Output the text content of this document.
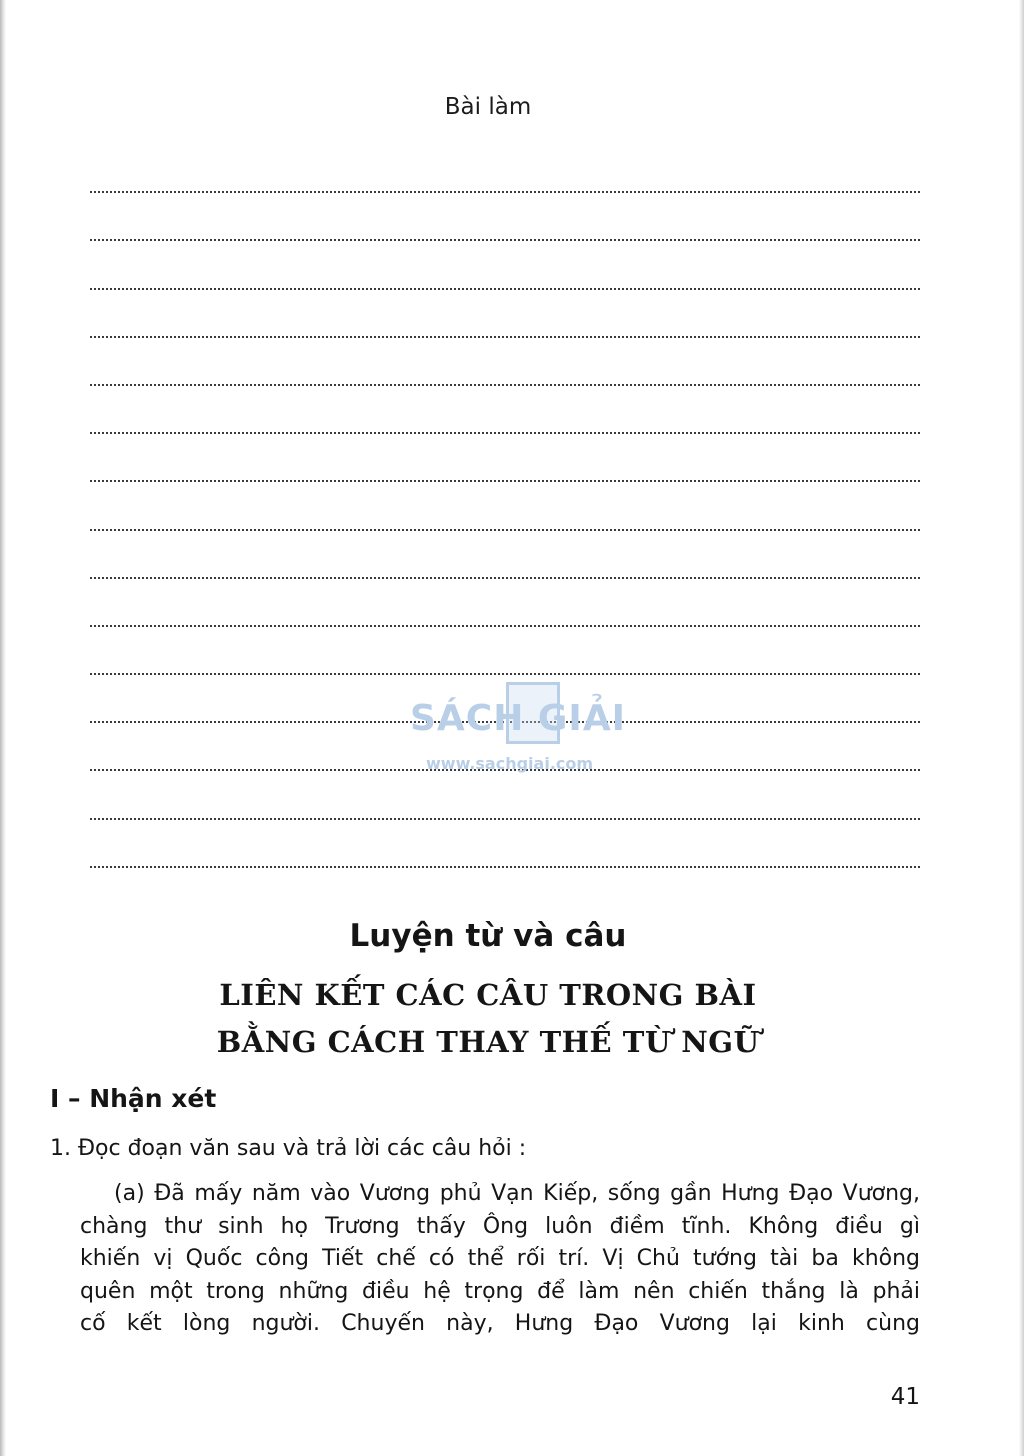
Bài làm
SÁCH GIẢI
www.sachgiai.com
Luyện từ và câu
LIÊN KẾT CÁC CÂU TRONG BÀI
BẰNG CÁCH THAY THẾ TỪ NGỮ
I – Nhận xét
1. Đọc đoạn văn sau và trả lời các câu hỏi :
(a) Đã mấy năm vào Vương phủ Vạn Kiếp, sống gần Hưng Đạo Vương,
chàng thư sinh họ Trương thấy Ông luôn điềm tĩnh. Không điều gì
khiến vị Quốc công Tiết chế có thể rối trí. Vị Chủ tướng tài ba không
quên một trong những điều hệ trọng để làm nên chiến thắng là phải
cố kết lòng người. Chuyến này, Hưng Đạo Vương lại kinh cùng
41
